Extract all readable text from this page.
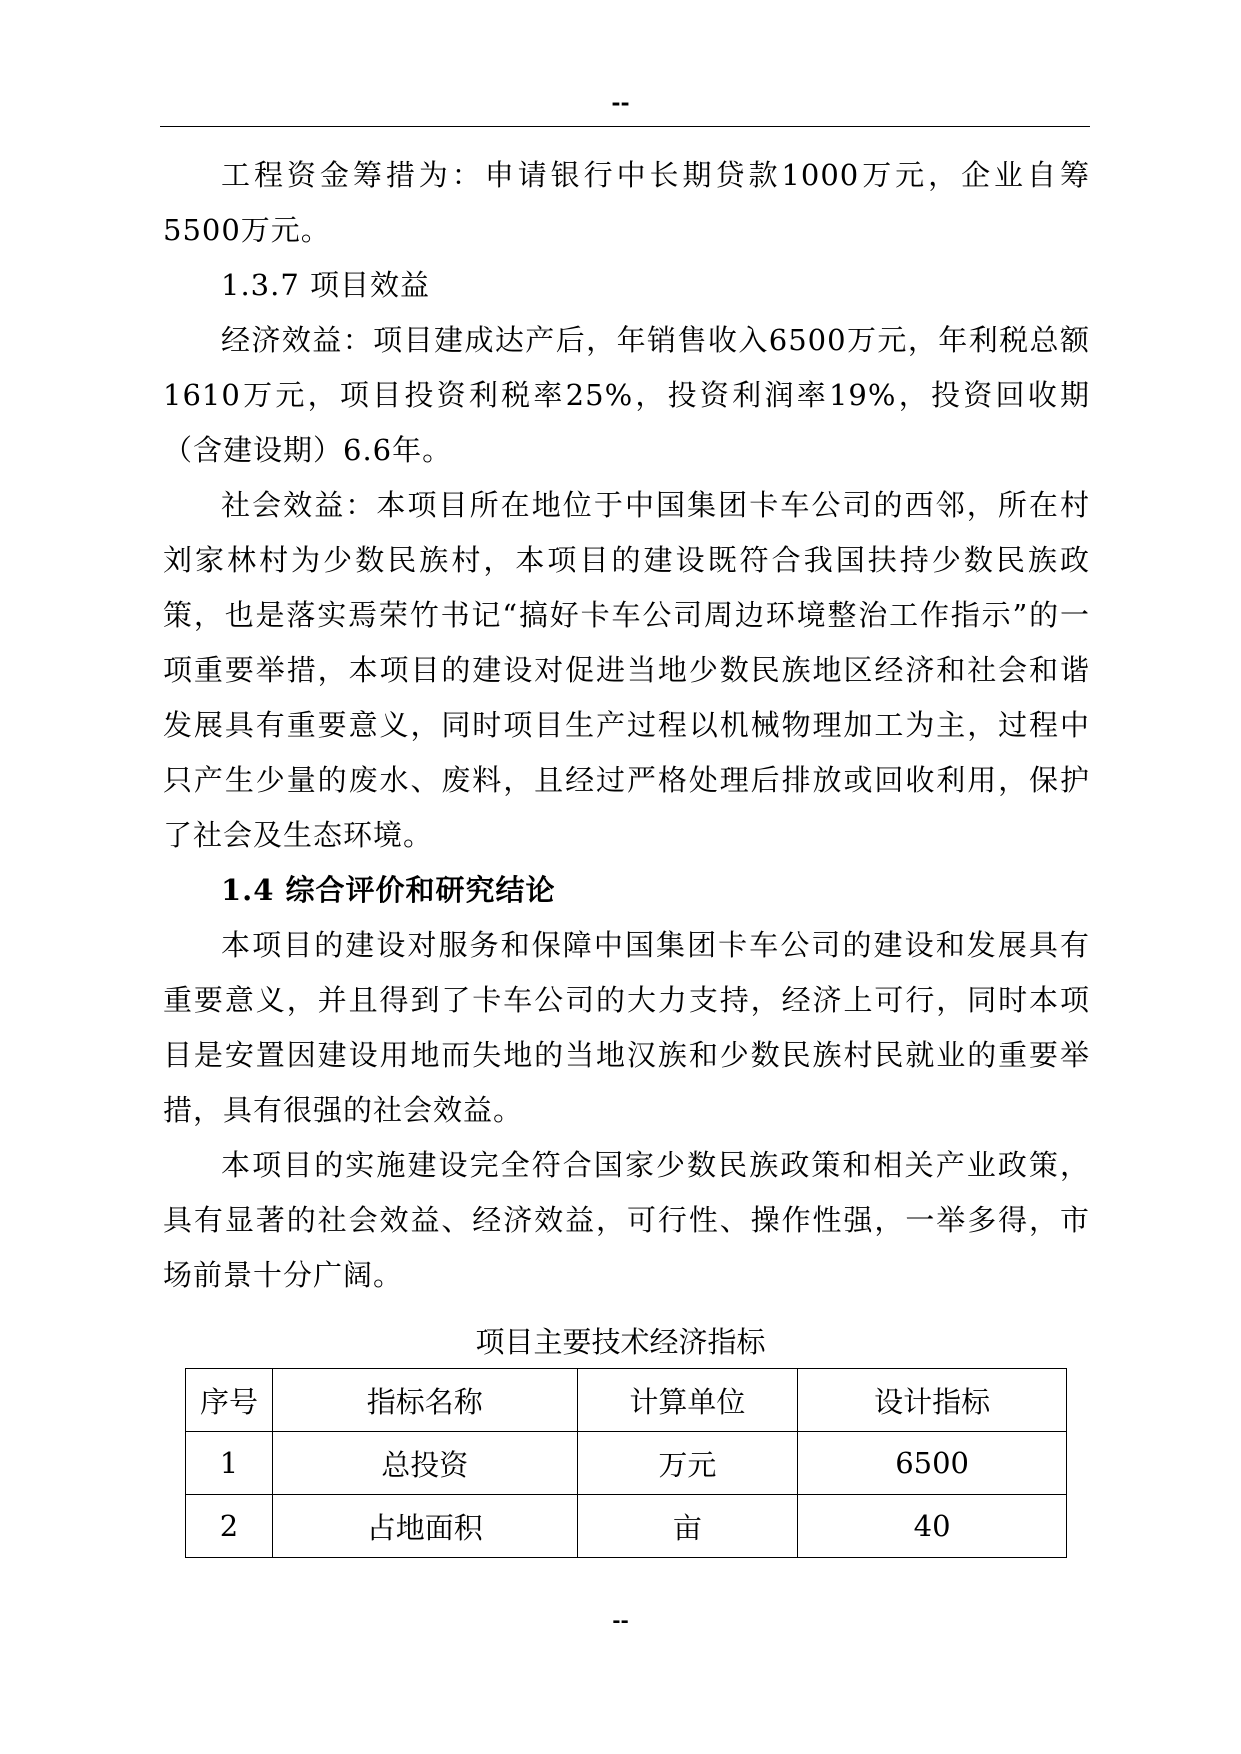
--

工程资金筹措为：申请银行中长期贷款1000万元，企业自筹5500万元。

1.3.7 项目效益

经济效益：项目建成达产后，年销售收入6500万元，年利税总额1610万元，项目投资利税率25%，投资利润率19%，投资回收期（含建设期）6.6年。

社会效益：本项目所在地位于中国集团卡车公司的西邻，所在村刘家林村为少数民族村，本项目的建设既符合我国扶持少数民族政策，也是落实焉荣竹书记“搞好卡车公司周边环境整治工作指示”的一项重要举措，本项目的建设对促进当地少数民族地区经济和社会和谐发展具有重要意义，同时项目生产过程以机械物理加工为主，过程中只产生少量的废水、废料，且经过严格处理后排放或回收利用，保护了社会及生态环境。

1.4 综合评价和研究结论

本项目的建设对服务和保障中国集团卡车公司的建设和发展具有重要意义，并且得到了卡车公司的大力支持，经济上可行，同时本项目是安置因建设用地而失地的当地汉族和少数民族村民就业的重要举措，具有很强的社会效益。

本项目的实施建设完全符合国家少数民族政策和相关产业政策，具有显著的社会效益、经济效益，可行性、操作性强，一举多得，市场前景十分广阔。

项目主要技术经济指标
序号	指标名称	计算单位	设计指标
1	总投资	万元	6500
2	占地面积	亩	40
--
